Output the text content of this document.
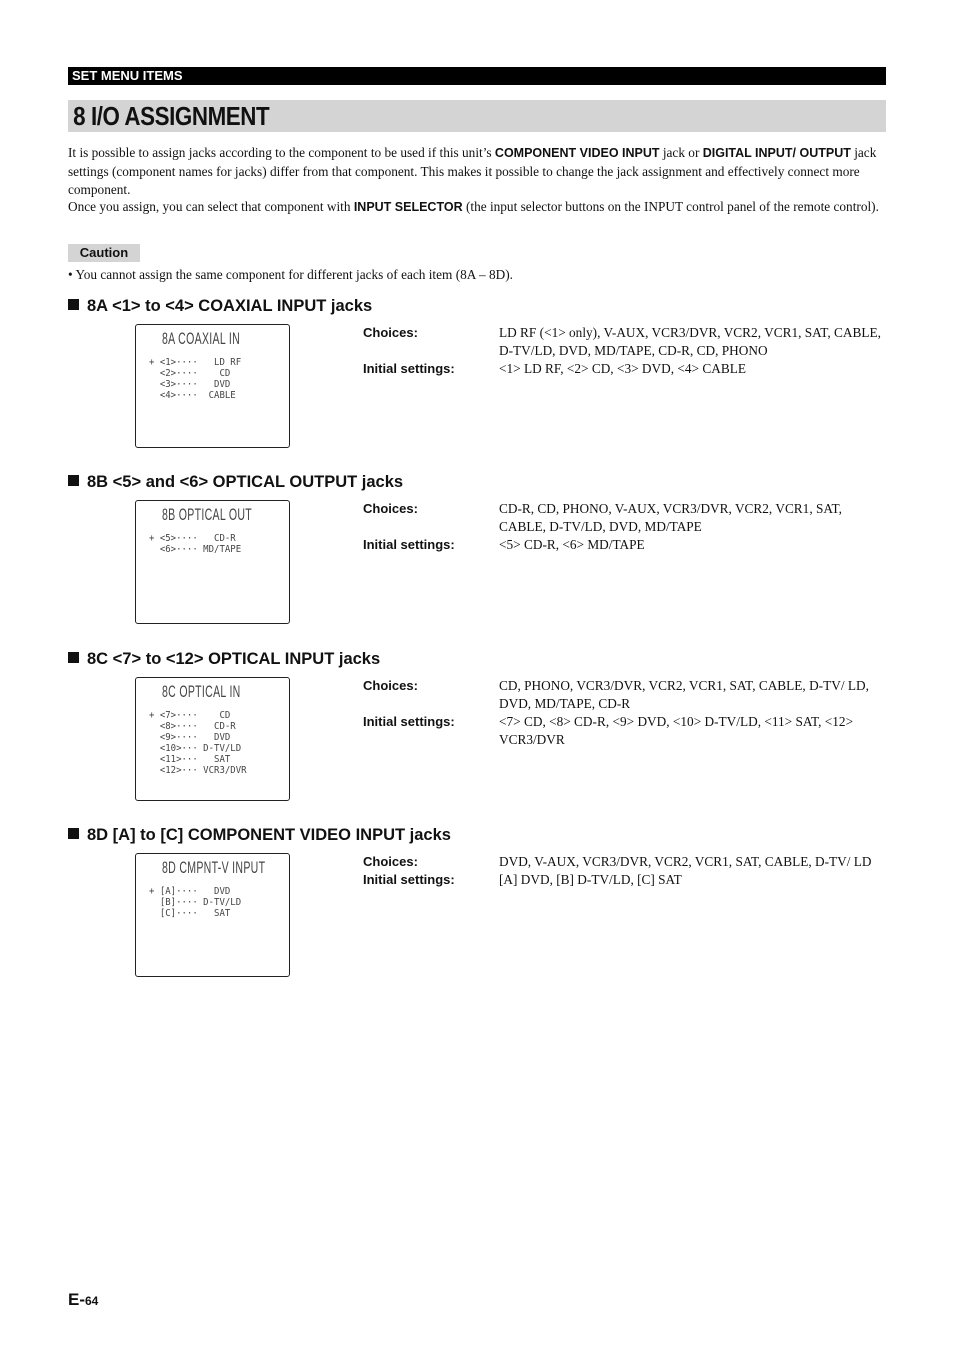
SET MENU ITEMS
8 I/O ASSIGNMENT

It is possible to assign jacks according to the component to be used if this unit’s COMPONENT VIDEO INPUT jack or DIGITAL INPUT/ OUTPUT jack settings (component names for jacks) differ from that component. This makes it possible to change the jack assignment and effectively connect more component.

Once you assign, you can select that component with INPUT SELECTOR (the input selector buttons on the INPUT control panel of the remote control).

Caution
• You cannot assign the same component for different jacks of each item (8A – 8D).
8A <1> to <4> COAXIAL INPUT jacks
8A COAXIAL IN
+ <1>····   LD RF
<2>····    CD
<3>····   DVD
<4>····  CABLE
Choices:	LD RF (<1> only), V-AUX, VCR3/DVR, VCR2, VCR1, SAT, CABLE, D-TV/LD, DVD, MD/TAPE, CD-R, CD, PHONO
Initial settings:	<1> LD RF, <2> CD, <3> DVD, <4> CABLE
8B <5> and <6> OPTICAL OUTPUT jacks
8B OPTICAL OUT
+ <5>····   CD-R
<6>···· MD/TAPE
Choices:	CD-R, CD, PHONO, V-AUX, VCR3/DVR, VCR2, VCR1, SAT, CABLE, D-TV/LD, DVD, MD/TAPE
Initial settings:	<5> CD-R, <6> MD/TAPE
8C <7> to <12> OPTICAL INPUT jacks
8C OPTICAL IN
+ <7>····    CD
<8>····   CD-R
<9>····   DVD
<10>··· D-TV/LD
<11>···   SAT
<12>··· VCR3/DVR
Choices:	CD, PHONO, VCR3/DVR, VCR2, VCR1, SAT, CABLE, D-TV/ LD, DVD, MD/TAPE, CD-R
Initial settings:	<7> CD, <8> CD-R, <9> DVD, <10> D-TV/LD, <11> SAT, <12> VCR3/DVR
8D [A] to [C] COMPONENT VIDEO INPUT jacks
8D CMPNT-V INPUT
+ [A]····   DVD
[B]···· D-TV/LD
[C]····   SAT
Choices:	DVD, V-AUX, VCR3/DVR, VCR2, VCR1, SAT, CABLE, D-TV/ LD
Initial settings:	[A] DVD, [B] D-TV/LD, [C] SAT
E-64
